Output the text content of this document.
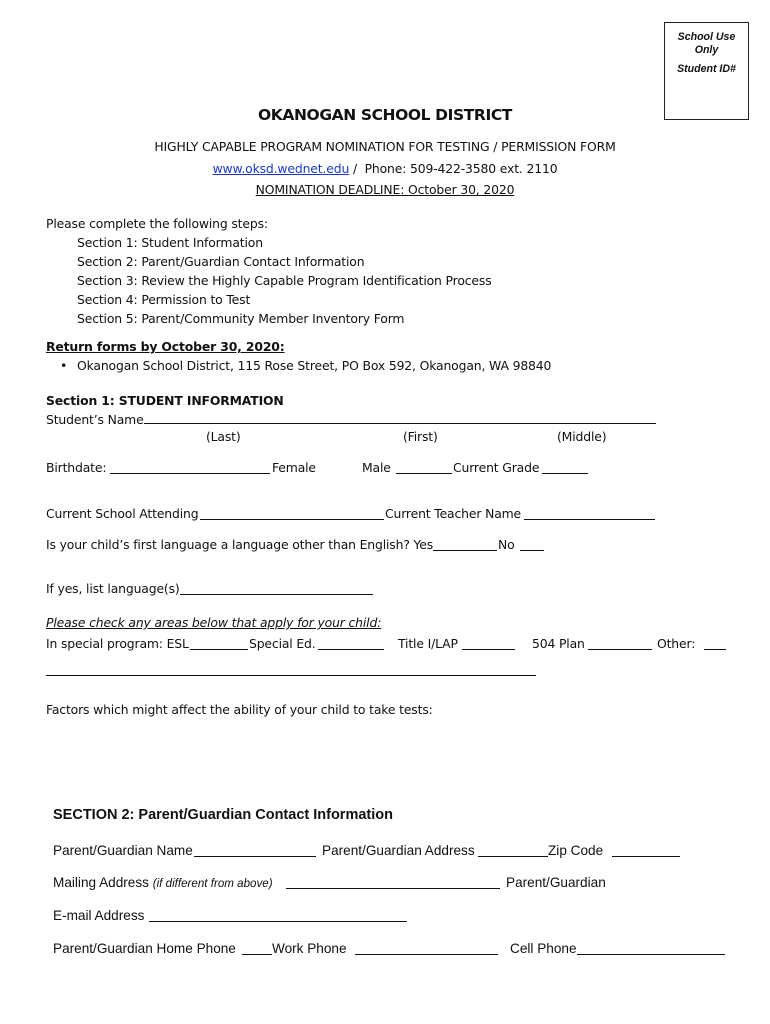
School Use
Only
Student ID#
OKANOGAN SCHOOL DISTRICT
HIGHLY CAPABLE PROGRAM NOMINATION FOR TESTING / PERMISSION FORM
www.oksd.wednet.edu /  Phone: 509-422-3580 ext. 2110
NOMINATION DEADLINE: October 30, 2020
Please complete the following steps:
Section 1: Student Information
Section 2: Parent/Guardian Contact Information
Section 3: Review the Highly Capable Program Identification Process
Section 4: Permission to Test
Section 5: Parent/Community Member Inventory Form
Return forms by October 30, 2020:
• Okanogan School District, 115 Rose Street, PO Box 592, Okanogan, WA 98840
Section 1: STUDENT INFORMATION
Student’s Name
(Last)	(First)	(Middle)
Birthdate:	Female	Male	Current Grade
Current School Attending	Current Teacher Name
Is your child’s first language a language other than English? Yes	No
If yes, list language(s)
Please check any areas below that apply for your child:
In special program: ESL	Special Ed.	Title I/LAP	504 Plan	Other:
Factors which might affect the ability of your child to take tests:
SECTION 2: Parent/Guardian Contact Information
Parent/Guardian Name	Parent/Guardian Address	Zip Code
Mailing Address (if different from above)	Parent/Guardian
E-mail Address
Parent/Guardian Home Phone	Work Phone	Cell Phone
